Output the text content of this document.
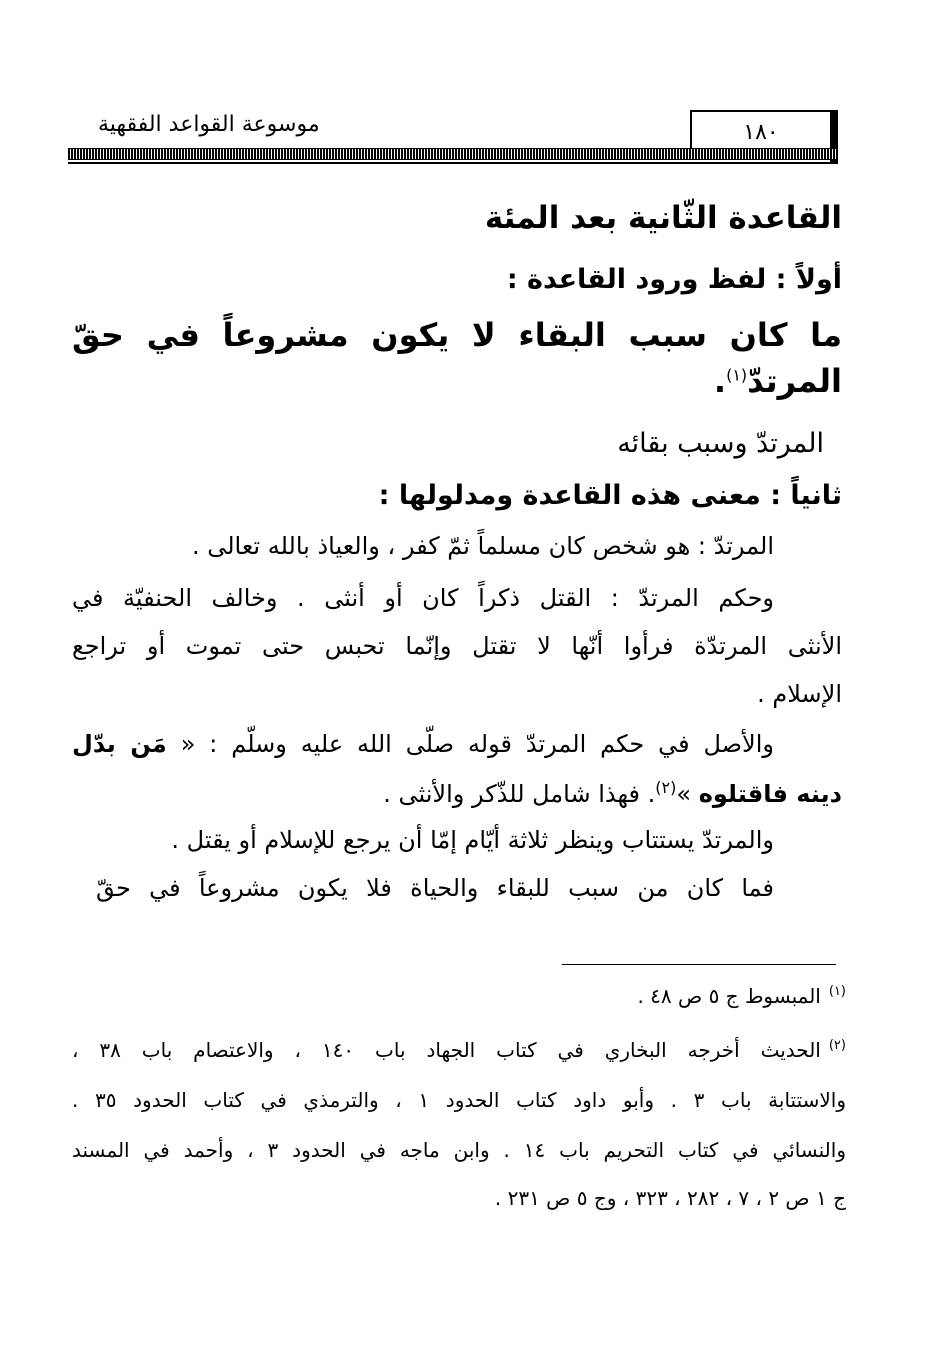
موسوعة القواعد الفقهية	١٨٠
القاعدة الثّانية بعد المئة
أولاً : لفظ ورود القاعدة :
ما كان سبب البقاء لا يكون مشروعاً في حقّ
المرتدّ$^{(١)}$.
المرتدّ وسبب بقائه
ثانياً : معنى هذه القاعدة ومدلولها :
المرتدّ : هو شخص كان مسلماً ثمّ كفر ، والعياذ بالله تعالى .
وحكم المرتدّ : القتل ذكراً كان أو أنثى . وخالف الحنفيّة في
الأنثى المرتدّة فرأوا أنّها لا تقتل وإنّما تحبس حتى تموت أو تراجع
الإسلام .
والأصل في حكم المرتدّ قوله صلّى الله عليه وسلّم : « مَن بدّل
دينه فاقتلوه »$^{(٢)}$. فهذا شامل للذّكر والأنثى .
والمرتدّ يستتاب وينظر ثلاثة أيّام إمّا أن يرجع للإسلام أو يقتل .
فما كان من سبب للبقاء والحياة فلا يكون مشروعاً في حقّ
$^{(١)}$المبسوط ج ٥ ص ٤٨ .
$^{(٢)}$الحديث أخرجه البخاري في كتاب الجهاد باب ١٤٠ ، والاعتصام باب ٣٨ ،
والاستتابة باب ٣ . وأبو داود كتاب الحدود ١ ، والترمذي في كتاب الحدود ٣٥ .
والنسائي في كتاب التحريم باب ١٤ . وابن ماجه في الحدود ٣ ، وأحمد في المسند
ج ١ ص ٢ ، ٧ ، ٢٨٢ ، ٣٢٣ ، وج ٥ ص ٢٣١ .
